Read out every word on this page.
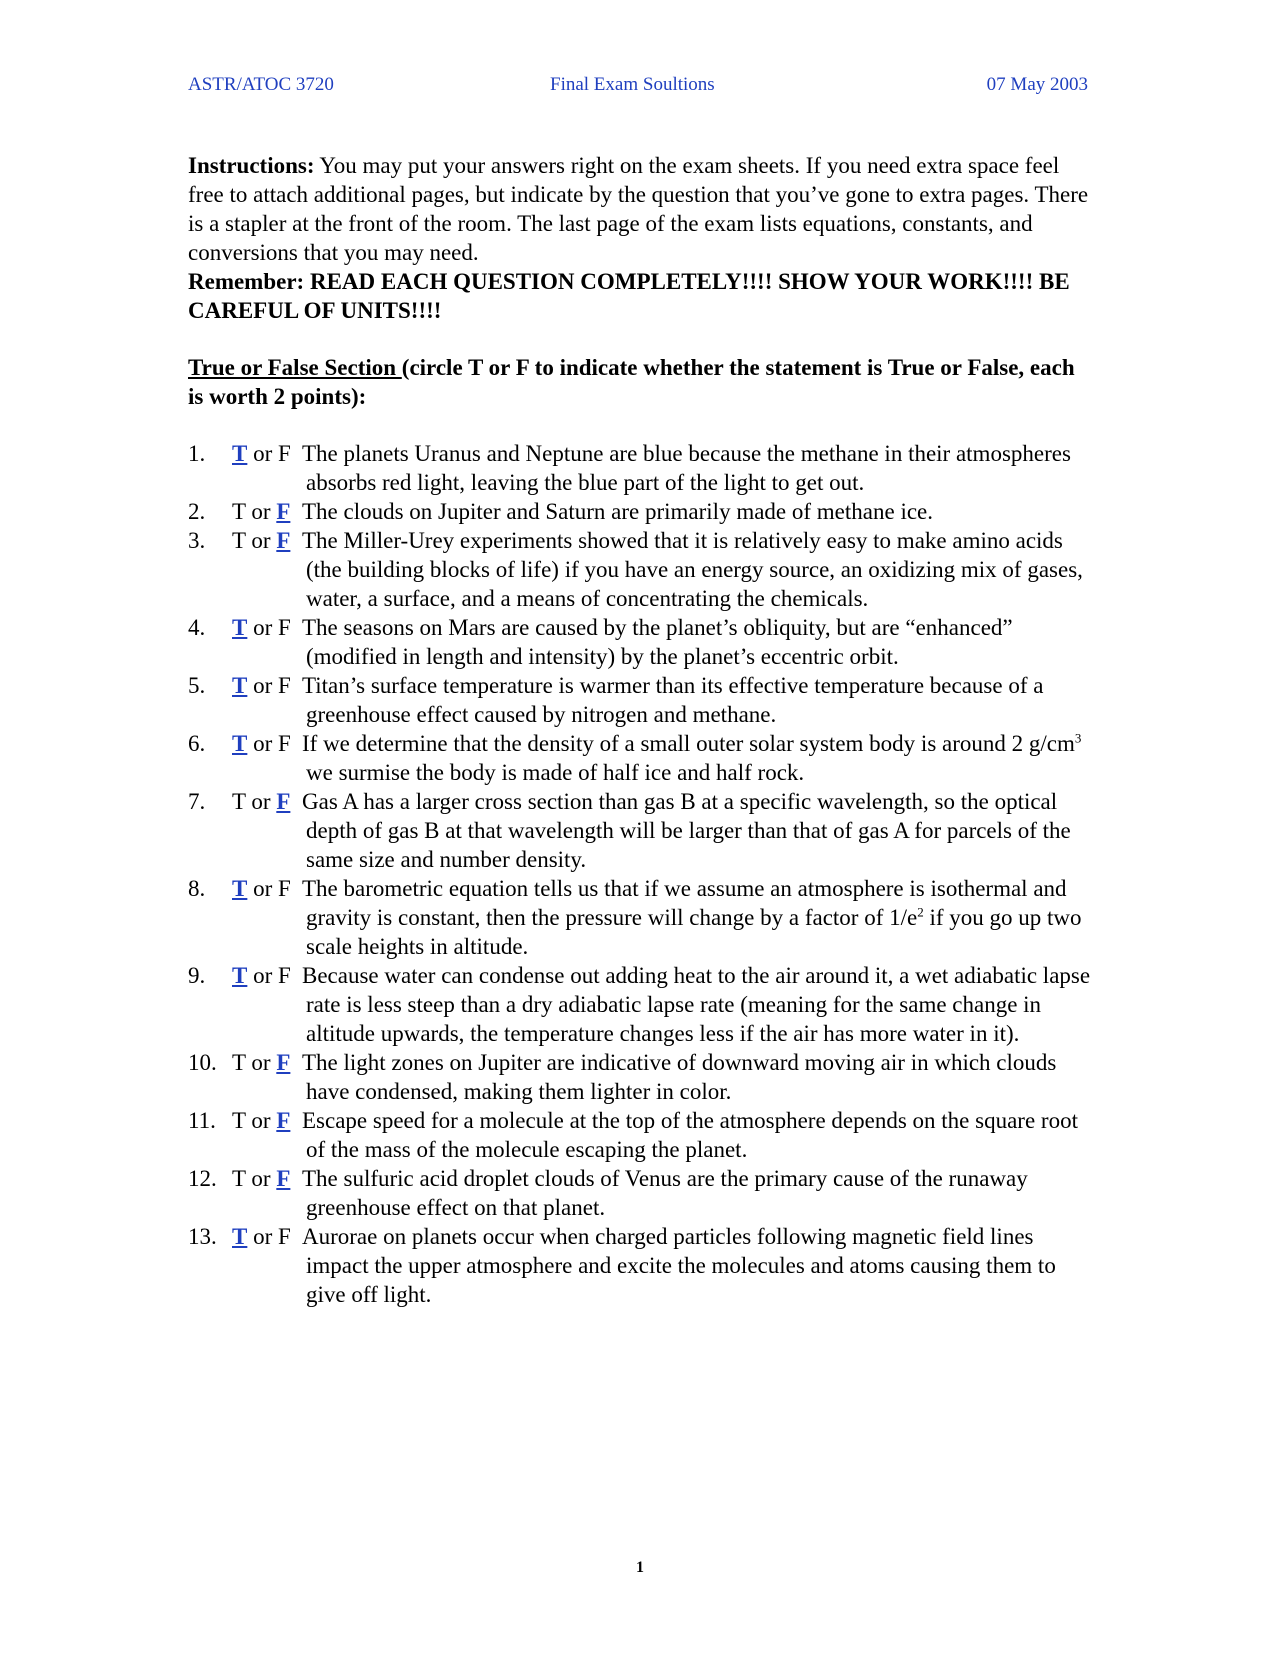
ASTR/ATOC 3720	Final Exam Soultions	07 May 2003

Instructions: You may put your answers right on the exam sheets. If you need extra space feel free to attach additional pages, but indicate by the question that you’ve gone to extra pages. There is a stapler at the front of the room. The last page of the exam lists equations, constants, and conversions that you may need.

Remember: READ EACH QUESTION COMPLETELY!!!! SHOW YOUR WORK!!!! BE CAREFUL OF UNITS!!!!

True or False Section (circle T or F to indicate whether the statement is True or False, each is worth 2 points):
1. T or F The planets Uranus and Neptune are blue because the methane in their atmospheres absorbs red light, leaving the blue part of the light to get out.
2. T or F The clouds on Jupiter and Saturn are primarily made of methane ice.
3. T or F The Miller-Urey experiments showed that it is relatively easy to make amino acids (the building blocks of life) if you have an energy source, an oxidizing mix of gases, water, a surface, and a means of concentrating the chemicals.
4. T or F The seasons on Mars are caused by the planet’s obliquity, but are “enhanced” (modified in length and intensity) by the planet’s eccentric orbit.
5. T or F Titan’s surface temperature is warmer than its effective temperature because of a greenhouse effect caused by nitrogen and methane.
6. T or F If we determine that the density of a small outer solar system body is around 2 $g/cm^3$ we surmise the body is made of half ice and half rock.
7. T or F Gas A has a larger cross section than gas B at a specific wavelength, so the optical depth of gas B at that wavelength will be larger than that of gas A for parcels of the same size and number density.
8. T or F The barometric equation tells us that if we assume an atmosphere is isothermal and gravity is constant, then the pressure will change by a factor of $1/e^2$ if you go up two scale heights in altitude.
9. T or F Because water can condense out adding heat to the air around it, a wet adiabatic lapse rate is less steep than a dry adiabatic lapse rate (meaning for the same change in altitude upwards, the temperature changes less if the air has more water in it).
10. T or F The light zones on Jupiter are indicative of downward moving air in which clouds have condensed, making them lighter in color.
11. T or F Escape speed for a molecule at the top of the atmosphere depends on the square root of the mass of the molecule escaping the planet.
12. T or F The sulfuric acid droplet clouds of Venus are the primary cause of the runaway greenhouse effect on that planet.
13. T or F Aurorae on planets occur when charged particles following magnetic field lines impact the upper atmosphere and excite the molecules and atoms causing them to give off light.
1
